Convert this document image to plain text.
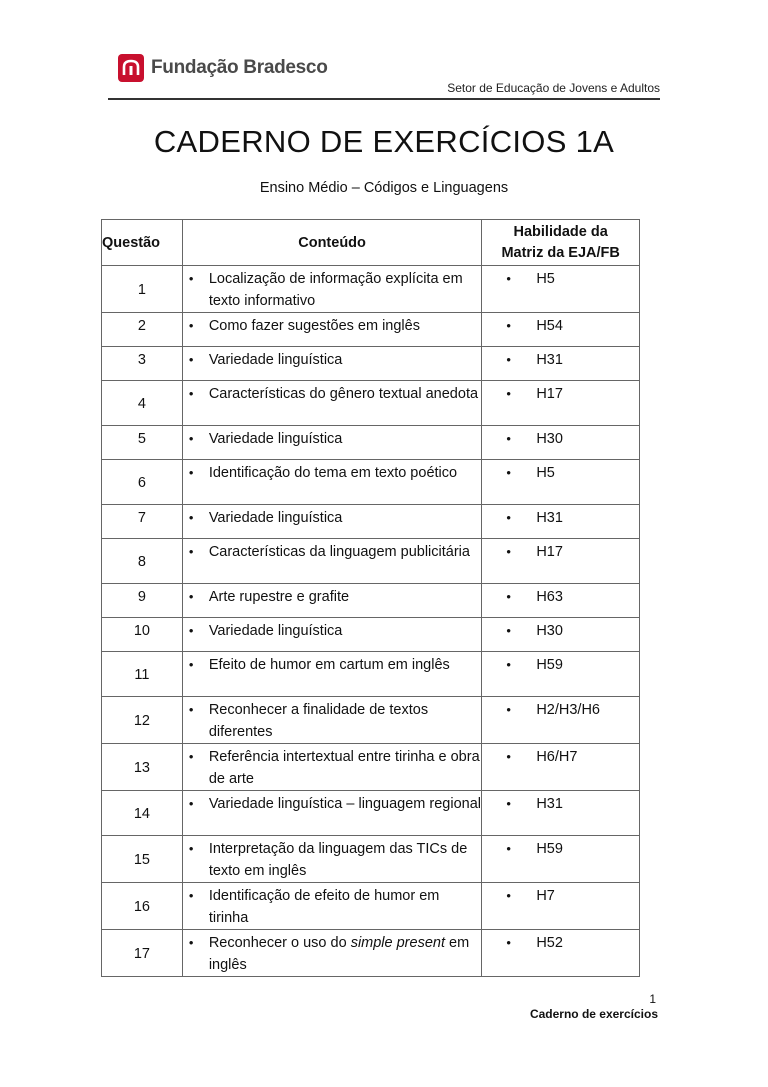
Fundação Bradesco
Setor de Educação de Jovens e Adultos
CADERNO DE EXERCÍCIOS 1A
Ensino Médio – Códigos e Linguagens
Questão	Conteúdo	Habilidade da
Matriz da EJA/FB

1	• Localização de informação explícita em texto informativo	• H5

2	• Como fazer sugestões em inglês	• H54

3	• Variedade linguística	• H31

4	• Características do gênero textual anedota	• H17

5	• Variedade linguística	• H30

6	• Identificação do tema em texto poético	• H5

7	• Variedade linguística	• H31

8	• Características da linguagem publicitária	• H17

9	• Arte rupestre e grafite	• H63

10	• Variedade linguística	• H30

11	• Efeito de humor em cartum em inglês	• H59

12	• Reconhecer a finalidade de textos diferentes	• H2/H3/H6

13	• Referência intertextual entre tirinha e obra de arte	• H6/H7

14	• Variedade linguística – linguagem regional	• H31

15	• Interpretação da linguagem das TICs de texto em inglês	• H59

16	• Identificação de efeito de humor em tirinha	• H7

17	• Reconhecer o uso do simple present em inglês	• H52
1
Caderno de exercícios
